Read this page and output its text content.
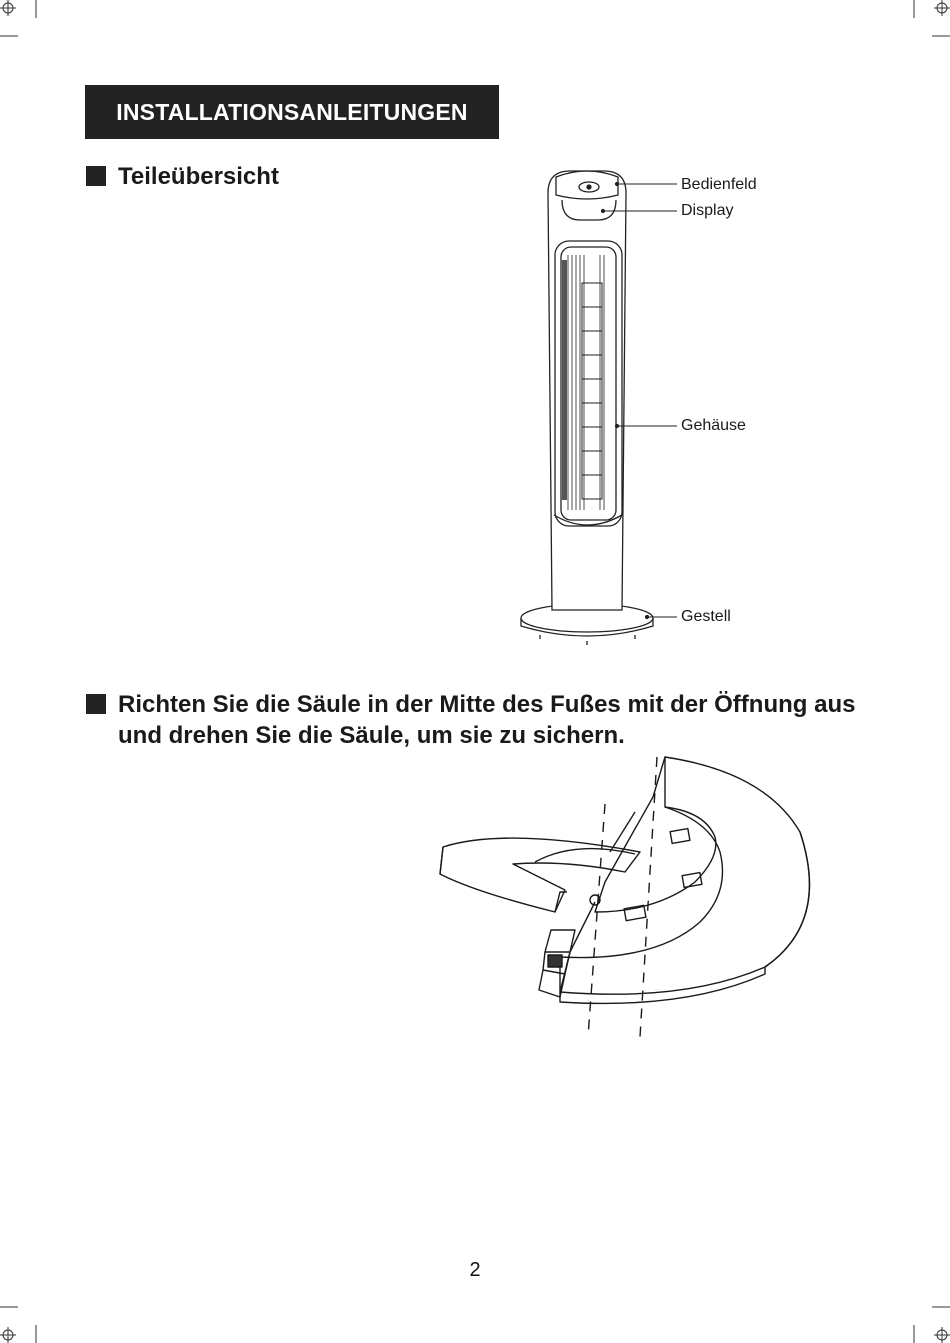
INSTALLATIONSANLEITUNGEN
Teileübersicht	Bedienfeld
Display
Gehäuse
Gestell
Richten Sie die Säule in der Mitte des Fußes mit der Öffnung aus und drehen Sie die Säule, um sie zu sichern.
2
